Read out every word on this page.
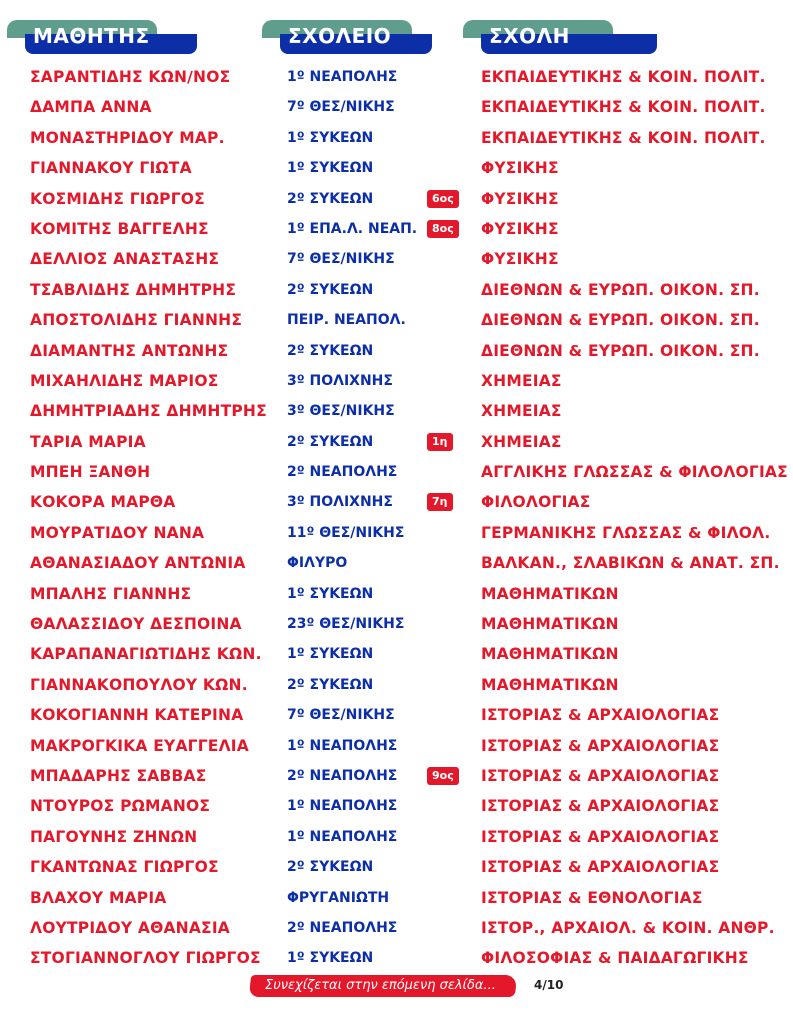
ΜΑΘΗΤΗΣ	ΣΧΟΛΕΙΟ	ΣΧΟΛΗ
ΣΑΡΑΝΤΙΔΗΣ ΚΩΝ/ΝΟΣ	1º ΝΕΑΠΟΛΗΣ	ΕΚΠΑΙΔΕΥΤΙΚΗΣ & ΚΟΙΝ. ΠΟΛΙΤ.
ΔΑΜΠΑ ΑΝΝΑ	7º ΘΕΣ/ΝΙΚΗΣ	ΕΚΠΑΙΔΕΥΤΙΚΗΣ & ΚΟΙΝ. ΠΟΛΙΤ.
ΜΟΝΑΣΤΗΡΙΔΟΥ ΜΑΡ.	1º ΣΥΚΕΩΝ	ΕΚΠΑΙΔΕΥΤΙΚΗΣ & ΚΟΙΝ. ΠΟΛΙΤ.
ΓΙΑΝΝΑΚΟΥ ΓΙΩΤΑ	1º ΣΥΚΕΩΝ	ΦΥΣΙΚΗΣ
ΚΟΣΜΙΔΗΣ ΓΙΩΡΓΟΣ	2º ΣΥΚΕΩΝ	6ος	ΦΥΣΙΚΗΣ
ΚΟΜΙΤΗΣ ΒΑΓΓΕΛΗΣ	1º ΕΠΑ.Λ. ΝΕΑΠ.	8ος	ΦΥΣΙΚΗΣ
ΔΕΛΛΙΟΣ ΑΝΑΣΤΑΣΗΣ	7º ΘΕΣ/ΝΙΚΗΣ	ΦΥΣΙΚΗΣ
ΤΣΑΒΛΙΔΗΣ ΔΗΜΗΤΡΗΣ	2º ΣΥΚΕΩΝ	ΔΙΕΘΝΩΝ & ΕΥΡΩΠ. ΟΙΚΟΝ. ΣΠ.
ΑΠΟΣΤΟΛΙΔΗΣ ΓΙΑΝΝΗΣ	ΠΕΙΡ. ΝΕΑΠΟΛ.	ΔΙΕΘΝΩΝ & ΕΥΡΩΠ. ΟΙΚΟΝ. ΣΠ.
ΔΙΑΜΑΝΤΗΣ ΑΝΤΩΝΗΣ	2º ΣΥΚΕΩΝ	ΔΙΕΘΝΩΝ & ΕΥΡΩΠ. ΟΙΚΟΝ. ΣΠ.
ΜΙΧΑΗΛΙΔΗΣ ΜΑΡΙΟΣ	3º ΠΟΛΙΧΝΗΣ	ΧΗΜΕΙΑΣ
ΔΗΜΗΤΡΙΑΔΗΣ ΔΗΜΗΤΡΗΣ 3º ΘΕΣ/ΝΙΚΗΣ	ΧΗΜΕΙΑΣ
ΤΑΡΙΑ ΜΑΡΙΑ	2º ΣΥΚΕΩΝ	1η	ΧΗΜΕΙΑΣ
ΜΠΕΗ ΞΑΝΘΗ	2º ΝΕΑΠΟΛΗΣ	ΑΓΓΛΙΚΗΣ ΓΛΩΣΣΑΣ & ΦΙΛΟΛΟΓΙΑΣ
ΚΟΚΟΡΑ ΜΑΡΘΑ	3º ΠΟΛΙΧΝΗΣ	7η	ΦΙΛΟΛΟΓΙΑΣ
ΜΟΥΡΑΤΙΔΟΥ ΝΑΝΑ	11º ΘΕΣ/ΝΙΚΗΣ	ΓΕΡΜΑΝΙΚΗΣ ΓΛΩΣΣΑΣ & ΦΙΛΟΛ.
ΑΘΑΝΑΣΙΑΔΟΥ ΑΝΤΩΝΙΑ	ΦΙΛΥΡΟ	ΒΑΛΚΑΝ., ΣΛΑΒΙΚΩΝ & ΑΝΑΤ. ΣΠ.
ΜΠΑΛΗΣ ΓΙΑΝΝΗΣ	1º ΣΥΚΕΩΝ	ΜΑΘΗΜΑΤΙΚΩΝ
ΘΑΛΑΣΣΙΔΟΥ ΔΕΣΠΟΙΝΑ	23º ΘΕΣ/ΝΙΚΗΣ	ΜΑΘΗΜΑΤΙΚΩΝ
ΚΑΡΑΠΑΝΑΓΙΩΤΙΔΗΣ ΚΩΝ. 1º ΣΥΚΕΩΝ	ΜΑΘΗΜΑΤΙΚΩΝ
ΓΙΑΝΝΑΚΟΠΟΥΛΟΥ ΚΩΝ.	2º ΣΥΚΕΩΝ	ΜΑΘΗΜΑΤΙΚΩΝ
ΚΟΚΟΓΙΑΝΝΗ ΚΑΤΕΡΙΝΑ	7º ΘΕΣ/ΝΙΚΗΣ	ΙΣΤΟΡΙΑΣ & ΑΡΧΑΙΟΛΟΓΙΑΣ
ΜΑΚΡΟΓΚΙΚΑ ΕΥΑΓΓΕΛΙΑ	1º ΝΕΑΠΟΛΗΣ	ΙΣΤΟΡΙΑΣ & ΑΡΧΑΙΟΛΟΓΙΑΣ
ΜΠΑΔΑΡΗΣ ΣΑΒΒΑΣ	2º ΝΕΑΠΟΛΗΣ	9ος	ΙΣΤΟΡΙΑΣ & ΑΡΧΑΙΟΛΟΓΙΑΣ
ΝΤΟΥΡΟΣ ΡΩΜΑΝΟΣ	1º ΝΕΑΠΟΛΗΣ	ΙΣΤΟΡΙΑΣ & ΑΡΧΑΙΟΛΟΓΙΑΣ
ΠΑΓΟΥΝΗΣ ΖΗΝΩΝ	1º ΝΕΑΠΟΛΗΣ	ΙΣΤΟΡΙΑΣ & ΑΡΧΑΙΟΛΟΓΙΑΣ
ΓΚΑΝΤΩΝΑΣ ΓΙΩΡΓΟΣ	2º ΣΥΚΕΩΝ	ΙΣΤΟΡΙΑΣ & ΑΡΧΑΙΟΛΟΓΙΑΣ
ΒΛΑΧΟΥ ΜΑΡΙΑ	ΦΡΥΓΑΝΙΩΤΗ	ΙΣΤΟΡΙΑΣ & ΕΘΝΟΛΟΓΙΑΣ
ΛΟΥΤΡΙΔΟΥ ΑΘΑΝΑΣΙΑ	2º ΝΕΑΠΟΛΗΣ	ΙΣΤΟΡ., ΑΡΧΑΙΟΛ. & ΚΟΙΝ. ΑΝΘΡ.
ΣΤΟΓΙΑΝΝΟΓΛΟΥ ΓΙΩΡΓΟΣ 1º ΣΥΚΕΩΝ	ΦΙΛΟΣΟΦΙΑΣ & ΠΑΙΔΑΓΩΓΙΚΗΣ
Συνεχίζεται στην επόμενη σελίδα...	4/10
